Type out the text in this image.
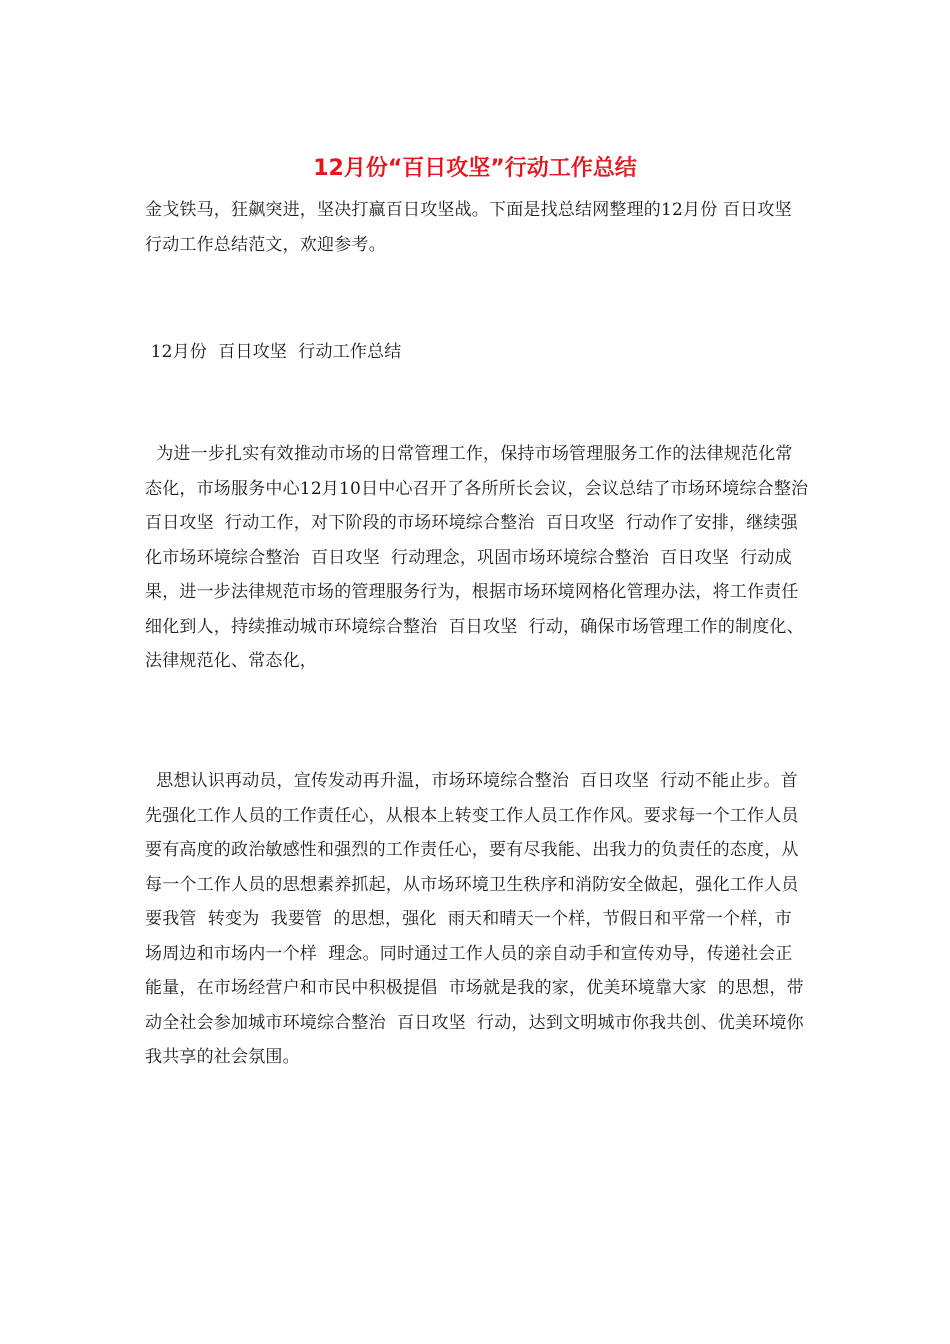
12月份“百日攻坚”行动工作总结

金戈铁马，狂飙突进，坚决打赢百日攻坚战。下面是找总结网整理的12月份 百日攻坚 行动工作总结范文，欢迎参考。

12月份  百日攻坚  行动工作总结

为进一步扎实有效推动市场的日常管理工作，保持市场管理服务工作的法律规范化常态化，市场服务中心12月10日中心召开了各所所长会议，会议总结了市场环境综合整治  百日攻坚  行动工作，对下阶段的市场环境综合整治  百日攻坚  行动作了安排，继续强化市场环境综合整治  百日攻坚  行动理念，巩固市场环境综合整治  百日攻坚  行动成果，进一步法律规范市场的管理服务行为，根据市场环境网格化管理办法，将工作责任细化到人，持续推动城市环境综合整治  百日攻坚  行动，确保市场管理工作的制度化、法律规范化、常态化，

思想认识再动员，宣传发动再升温，市场环境综合整治  百日攻坚  行动不能止步。首先强化工作人员的工作责任心，从根本上转变工作人员工作作风。要求每一个工作人员要有高度的政治敏感性和强烈的工作责任心，要有尽我能、出我力的负责任的态度，从每一个工作人员的思想素养抓起，从市场环境卫生秩序和消防安全做起，强化工作人员  要我管  转变为  我要管  的思想，强化  雨天和晴天一个样，节假日和平常一个样，市场周边和市场内一个样  理念。同时通过工作人员的亲自动手和宣传劝导，传递社会正能量，在市场经营户和市民中积极提倡  市场就是我的家，优美环境靠大家  的思想，带动全社会参加城市环境综合整治  百日攻坚  行动，达到文明城市你我共创、优美环境你我共享的社会氛围。
